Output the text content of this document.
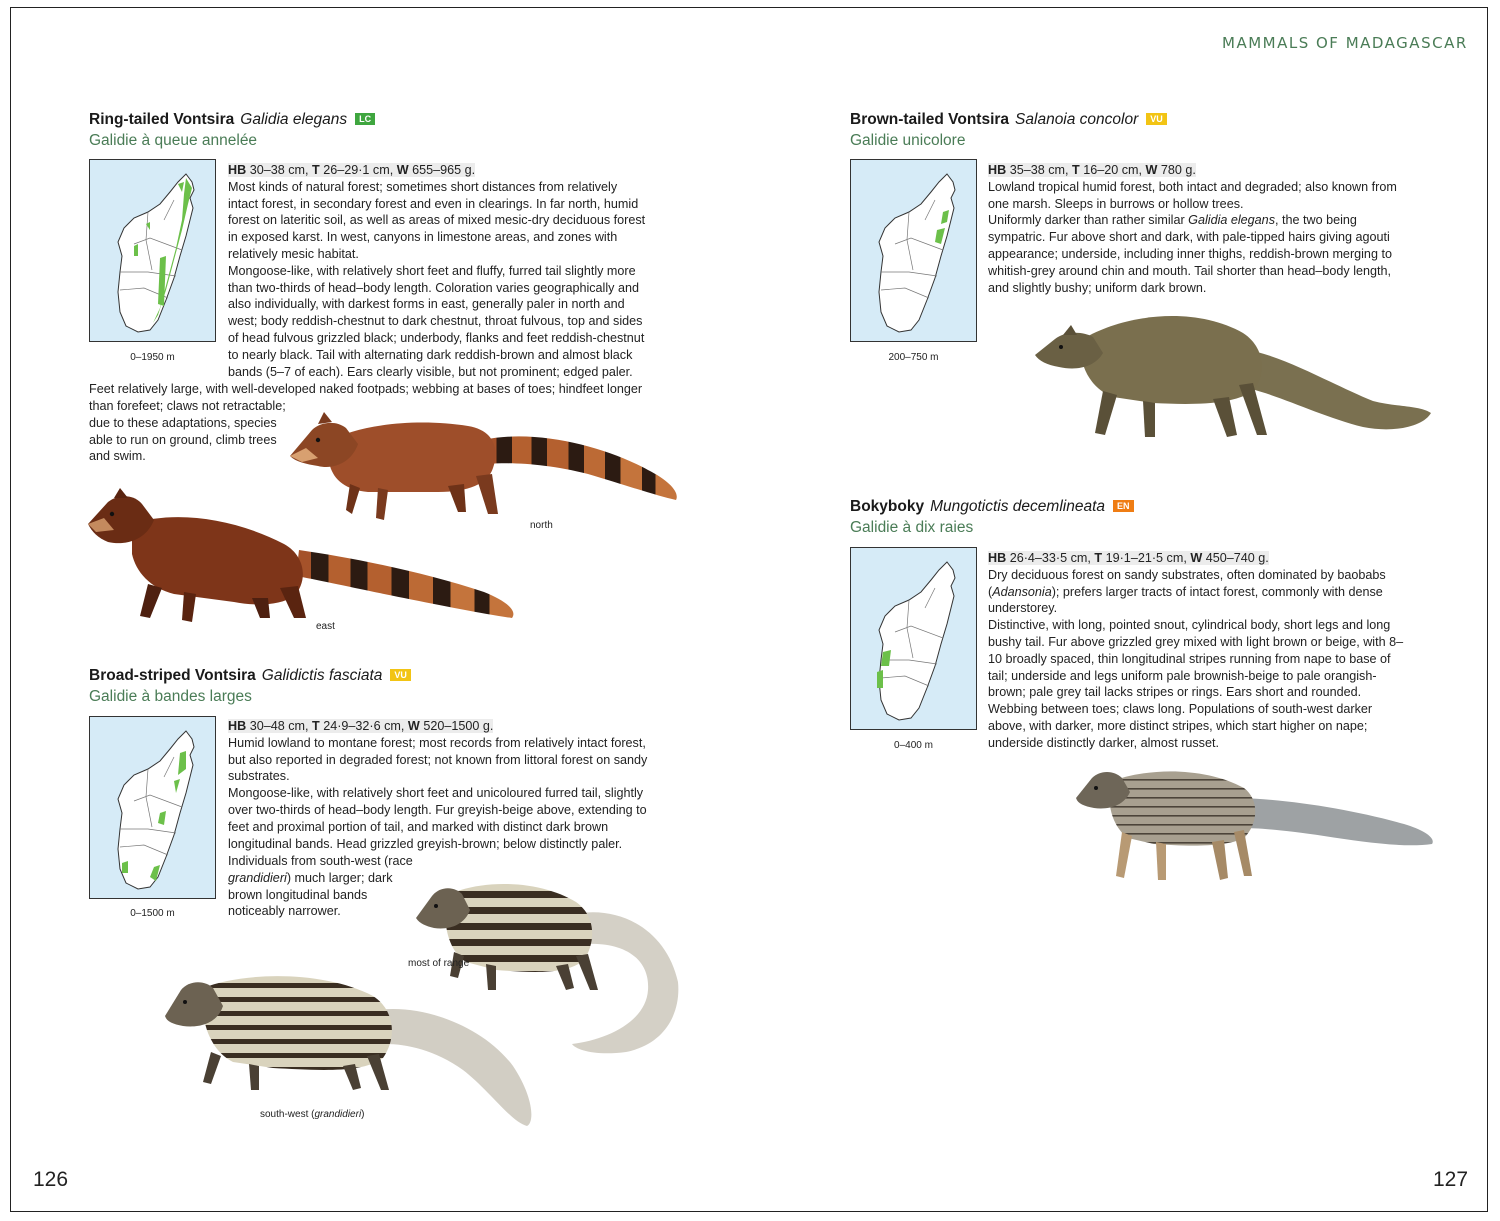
MAMMALS OF MADAGASCAR
126	127
Ring-tailed Vontsira Galidia elegans LC
Galidie à queue annelée
0–1950 m

HB 30–38 cm, T 26–29·1 cm, W 655–965 g.

Most kinds of natural forest; sometimes short distances from relatively intact forest, in secondary forest and even in clearings. In far north, humid forest on lateritic soil, as well as areas of mixed mesic-dry deciduous forest in exposed karst. In west, canyons in limestone areas, and zones with relatively mesic habitat.

Mongoose-like, with relatively short feet and fluffy, furred tail slightly more than two-thirds of head–body length. Coloration varies geographically and also individually, with darkest forms in east, generally paler in north and west; body reddish-chestnut to dark chestnut, throat fulvous, top and sides of head fulvous grizzled black; underbody, flanks and feet reddish-chestnut to nearly black. Tail with alternating dark reddish-brown and almost black bands (5–7 of each). Ears clearly visible, but not prominent; edged paler.

Feet relatively large, with well-developed naked footpads; webbing at bases of toes; hindfeet longer
than forefeet; claws not retractable; due to these adaptations, species able to run on ground, climb trees and swim.
north
east
Broad-striped Vontsira Galidictis fasciata VU
Galidie à bandes larges
0–1500 m

HB 30–48 cm, T 24·9–32·6 cm, W 520–1500 g.

Humid lowland to montane forest; most records from relatively intact forest, but also reported in degraded forest; not known from littoral forest on sandy substrates.

Mongoose-like, with relatively short feet and unicoloured furred tail, slightly over two-thirds of head–body length. Fur greyish-beige above, extending to feet and proximal portion of tail, and marked with distinct dark brown longitudinal bands. Head grizzled greyish-brown; below distinctly paler.

Individuals from south-west (race grandidieri) much larger; dark brown longitudinal bands noticeably narrower.
most of range
south-west (grandidieri)
Brown-tailed Vontsira Salanoia concolor VU
Galidie unicolore
200–750 m

HB 35–38 cm, T 16–20 cm, W 780 g.

Lowland tropical humid forest, both intact and degraded; also known from one marsh. Sleeps in burrows or hollow trees.

Uniformly darker than rather similar Galidia elegans, the two being sympatric. Fur above short and dark, with pale-tipped hairs giving agouti appearance; underside, including inner thighs, reddish-brown merging to whitish-grey around chin and mouth. Tail shorter than head–body length, and slightly bushy; uniform dark brown.

Bokyboky Mungotictis decemlineata EN
Galidie à dix raies
0–400 m

HB 26·4–33·5 cm, T 19·1–21·5 cm, W 450–740 g.

Dry deciduous forest on sandy substrates, often dominated by baobabs (Adansonia); prefers larger tracts of intact forest, commonly with dense understorey.

Distinctive, with long, pointed snout, cylindrical body, short legs and long bushy tail. Fur above grizzled grey mixed with light brown or beige, with 8–10 broadly spaced, thin longitudinal stripes running from nape to base of tail; underside and legs uniform pale brownish-beige to pale orangish-brown; pale grey tail lacks stripes or rings. Ears short and rounded. Webbing between toes; claws long. Populations of south-west darker above, with darker, more distinct stripes, which start higher on nape; underside distinctly darker, almost russet.
